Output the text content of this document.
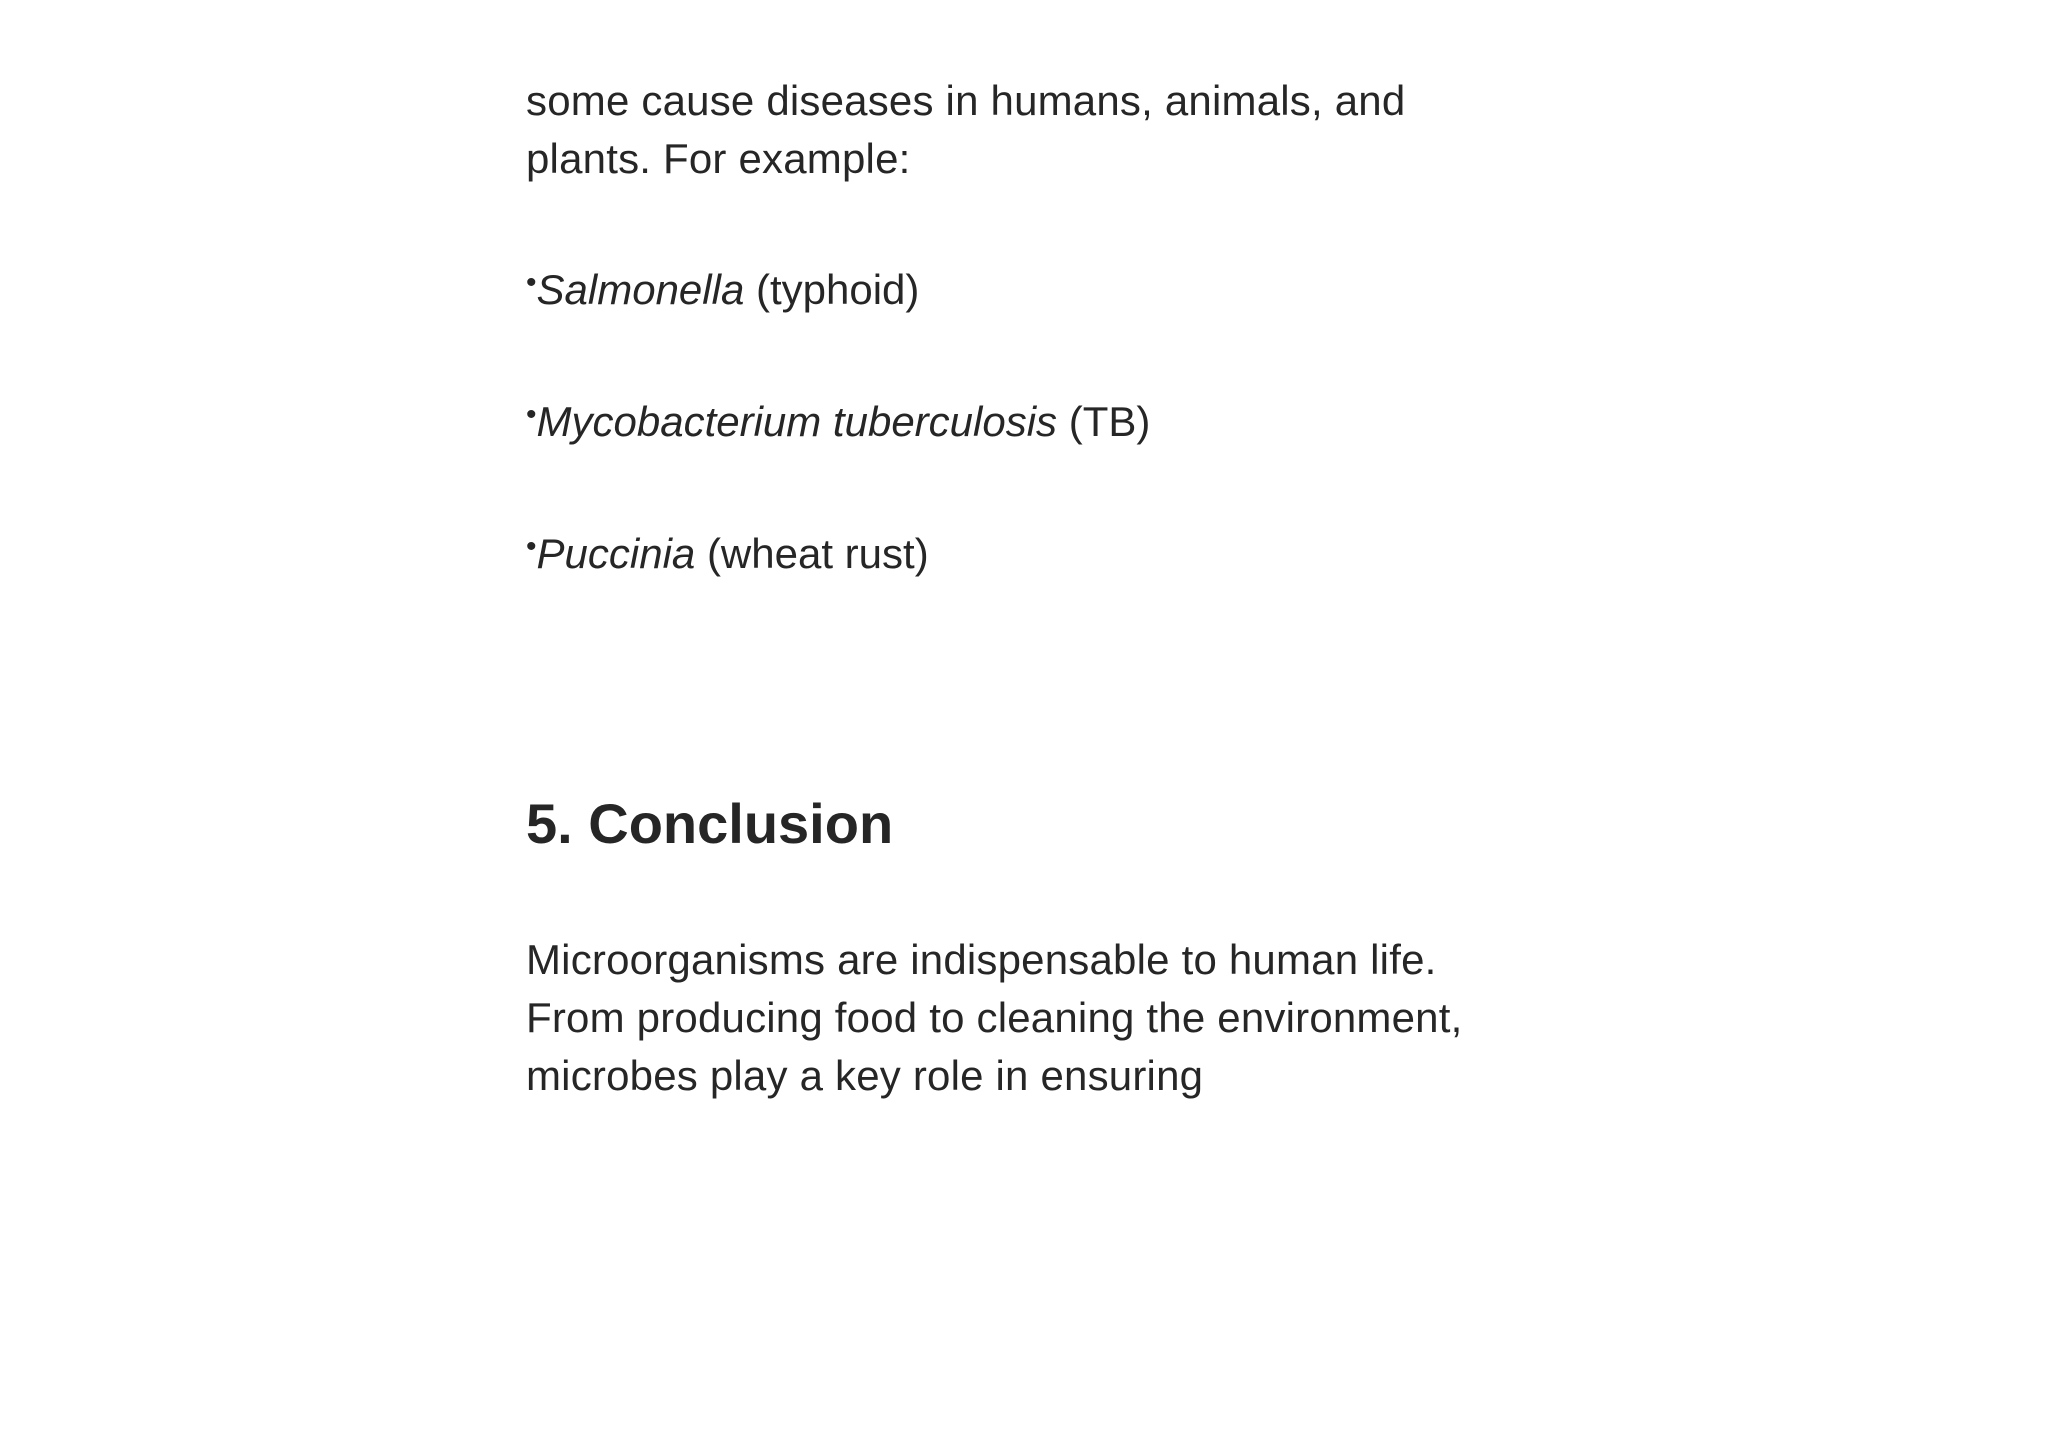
some cause diseases in humans, animals, and
plants. For example:

•Salmonella (typhoid)

•Mycobacterium tuberculosis (TB)

•Puccinia (wheat rust)

5. Conclusion

Microorganisms are indispensable to human life.
From producing food to cleaning the environment,
microbes play a key role in ensuring
